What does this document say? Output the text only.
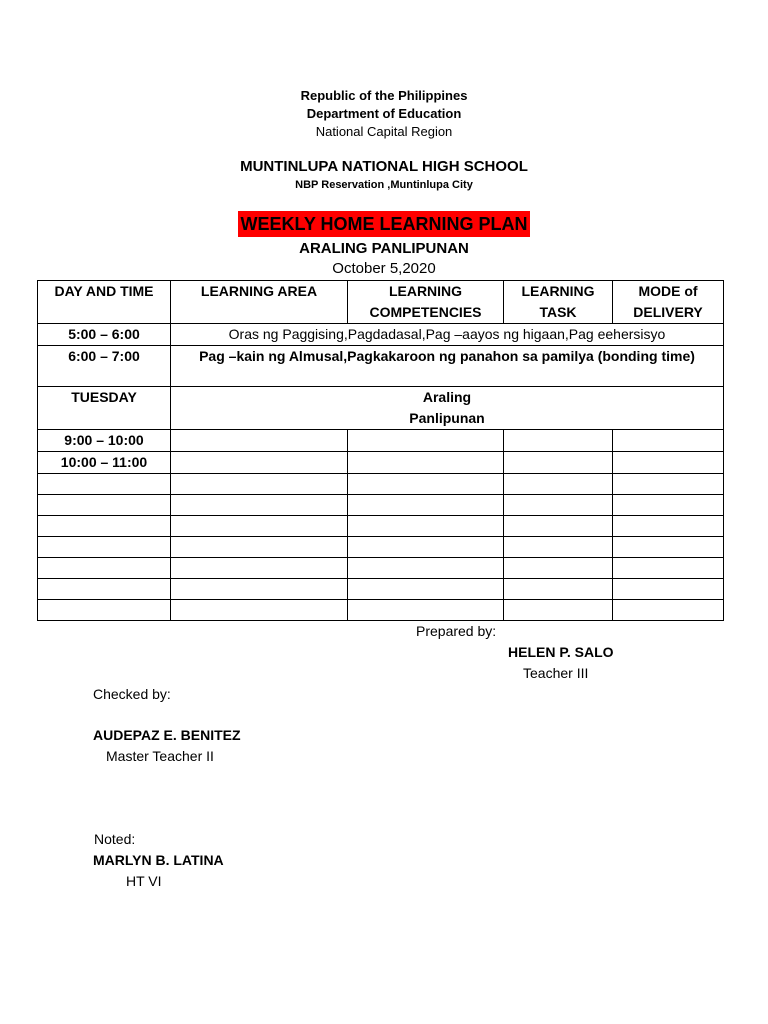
Republic of the Philippines
Department of Education
National Capital Region
MUNTINLUPA NATIONAL HIGH SCHOOL
NBP Reservation ,Muntinlupa City
WEEKLY HOME LEARNING PLAN
ARALING PANLIPUNAN
October 5,2020
DAY AND TIME	LEARNING AREA	LEARNING COMPETENCIES	LEARNING TASK	MODE of DELIVERY
5:00 – 6:00	Oras ng Paggising,Pagdadasal,Pag –aayos ng higaan,Pag eehersisyo			
6:00 – 7:00	Pag –kain ng Almusal,Pagkakaroon ng panahon sa pamilya (bonding time)			
TUESDAY	Araling Panlipunan			

9:00 – 10:00				
10:00 – 11:00				

Prepared by:
HELEN P. SALO
Teacher III
Checked by:
AUDEPAZ E. BENITEZ
Master Teacher II
Noted:
MARLYN B. LATINA
HT VI
